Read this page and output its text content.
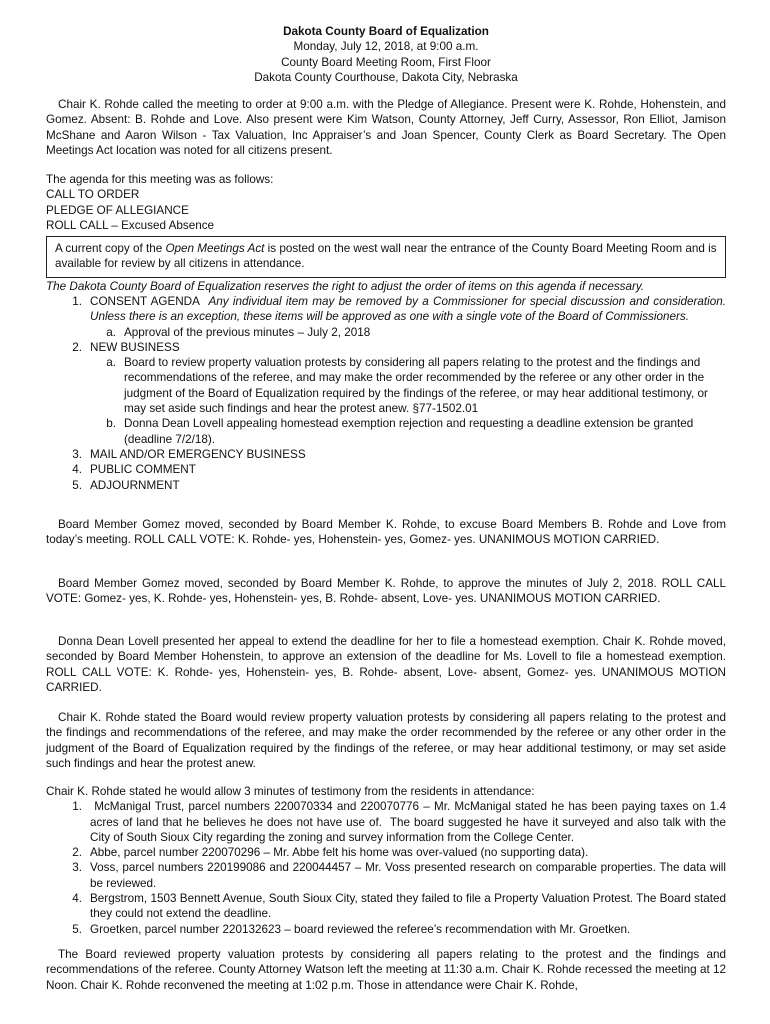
Dakota County Board of Equalization
Monday, July 12, 2018, at 9:00 a.m.
County Board Meeting Room, First Floor
Dakota County Courthouse, Dakota City, Nebraska
Chair K. Rohde called the meeting to order at 9:00 a.m. with the Pledge of Allegiance. Present were K. Rohde, Hohenstein, and Gomez. Absent: B. Rohde and Love. Also present were Kim Watson, County Attorney, Jeff Curry, Assessor, Ron Elliot, Jamison McShane and Aaron Wilson - Tax Valuation, Inc Appraiser’s and Joan Spencer, County Clerk as Board Secretary. The Open Meetings Act location was noted for all citizens present.
The agenda for this meeting was as follows:
CALL TO ORDER
PLEDGE OF ALLEGIANCE
ROLL CALL – Excused Absence
A current copy of the Open Meetings Act is posted on the west wall near the entrance of the County Board Meeting Room and is available for review by all citizens in attendance.
The Dakota County Board of Equalization reserves the right to adjust the order of items on this agenda if necessary.
1. CONSENT AGENDA Any individual item may be removed by a Commissioner for special discussion and consideration. Unless there is an exception, these items will be approved as one with a single vote of the Board of Commissioners.
a. Approval of the previous minutes – July 2, 2018
2. NEW BUSINESS
a. Board to review property valuation protests by considering all papers relating to the protest and the findings and recommendations of the referee, and may make the order recommended by the referee or any other order in the judgment of the Board of Equalization required by the findings of the referee, or may hear additional testimony, or may set aside such findings and hear the protest anew. §77-1502.01
b. Donna Dean Lovell appealing homestead exemption rejection and requesting a deadline extension be granted (deadline 7/2/18).
3. MAIL AND/OR EMERGENCY BUSINESS
4. PUBLIC COMMENT
5. ADJOURNMENT
Board Member Gomez moved, seconded by Board Member K. Rohde, to excuse Board Members B. Rohde and Love from today’s meeting. ROLL CALL VOTE: K. Rohde- yes, Hohenstein- yes, Gomez- yes. UNANIMOUS MOTION CARRIED.
Board Member Gomez moved, seconded by Board Member K. Rohde, to approve the minutes of July 2, 2018. ROLL CALL VOTE: Gomez- yes, K. Rohde- yes, Hohenstein- yes, B. Rohde- absent, Love- yes. UNANIMOUS MOTION CARRIED.
Donna Dean Lovell presented her appeal to extend the deadline for her to file a homestead exemption. Chair K. Rohde moved, seconded by Board Member Hohenstein, to approve an extension of the deadline for Ms. Lovell to file a homestead exemption. ROLL CALL VOTE: K. Rohde- yes, Hohenstein- yes, B. Rohde- absent, Love- absent, Gomez- yes. UNANIMOUS MOTION CARRIED.
Chair K. Rohde stated the Board would review property valuation protests by considering all papers relating to the protest and the findings and recommendations of the referee, and may make the order recommended by the referee or any other order in the judgment of the Board of Equalization required by the findings of the referee, or may hear additional testimony, or may set aside such findings and hear the protest anew.
Chair K. Rohde stated he would allow 3 minutes of testimony from the residents in attendance:
1. McManigal Trust, parcel numbers 220070334 and 220070776 – Mr. McManigal stated he has been paying taxes on 1.4 acres of land that he believes he does not have use of.  The board suggested he have it surveyed and also talk with the City of South Sioux City regarding the zoning and survey information from the College Center.
2. Abbe, parcel number 220070296 – Mr. Abbe felt his home was over-valued (no supporting data).
3. Voss, parcel numbers 220199086 and 220044457 – Mr. Voss presented research on comparable properties. The data will be reviewed.
4. Bergstrom, 1503 Bennett Avenue, South Sioux City, stated they failed to file a Property Valuation Protest. The Board stated they could not extend the deadline.
5. Groetken, parcel number 220132623 – board reviewed the referee’s recommendation with Mr. Groetken.
The Board reviewed property valuation protests by considering all papers relating to the protest and the findings and recommendations of the referee. County Attorney Watson left the meeting at 11:30 a.m. Chair K. Rohde recessed the meeting at 12 Noon. Chair K. Rohde reconvened the meeting at 1:02 p.m. Those in attendance were Chair K. Rohde,
